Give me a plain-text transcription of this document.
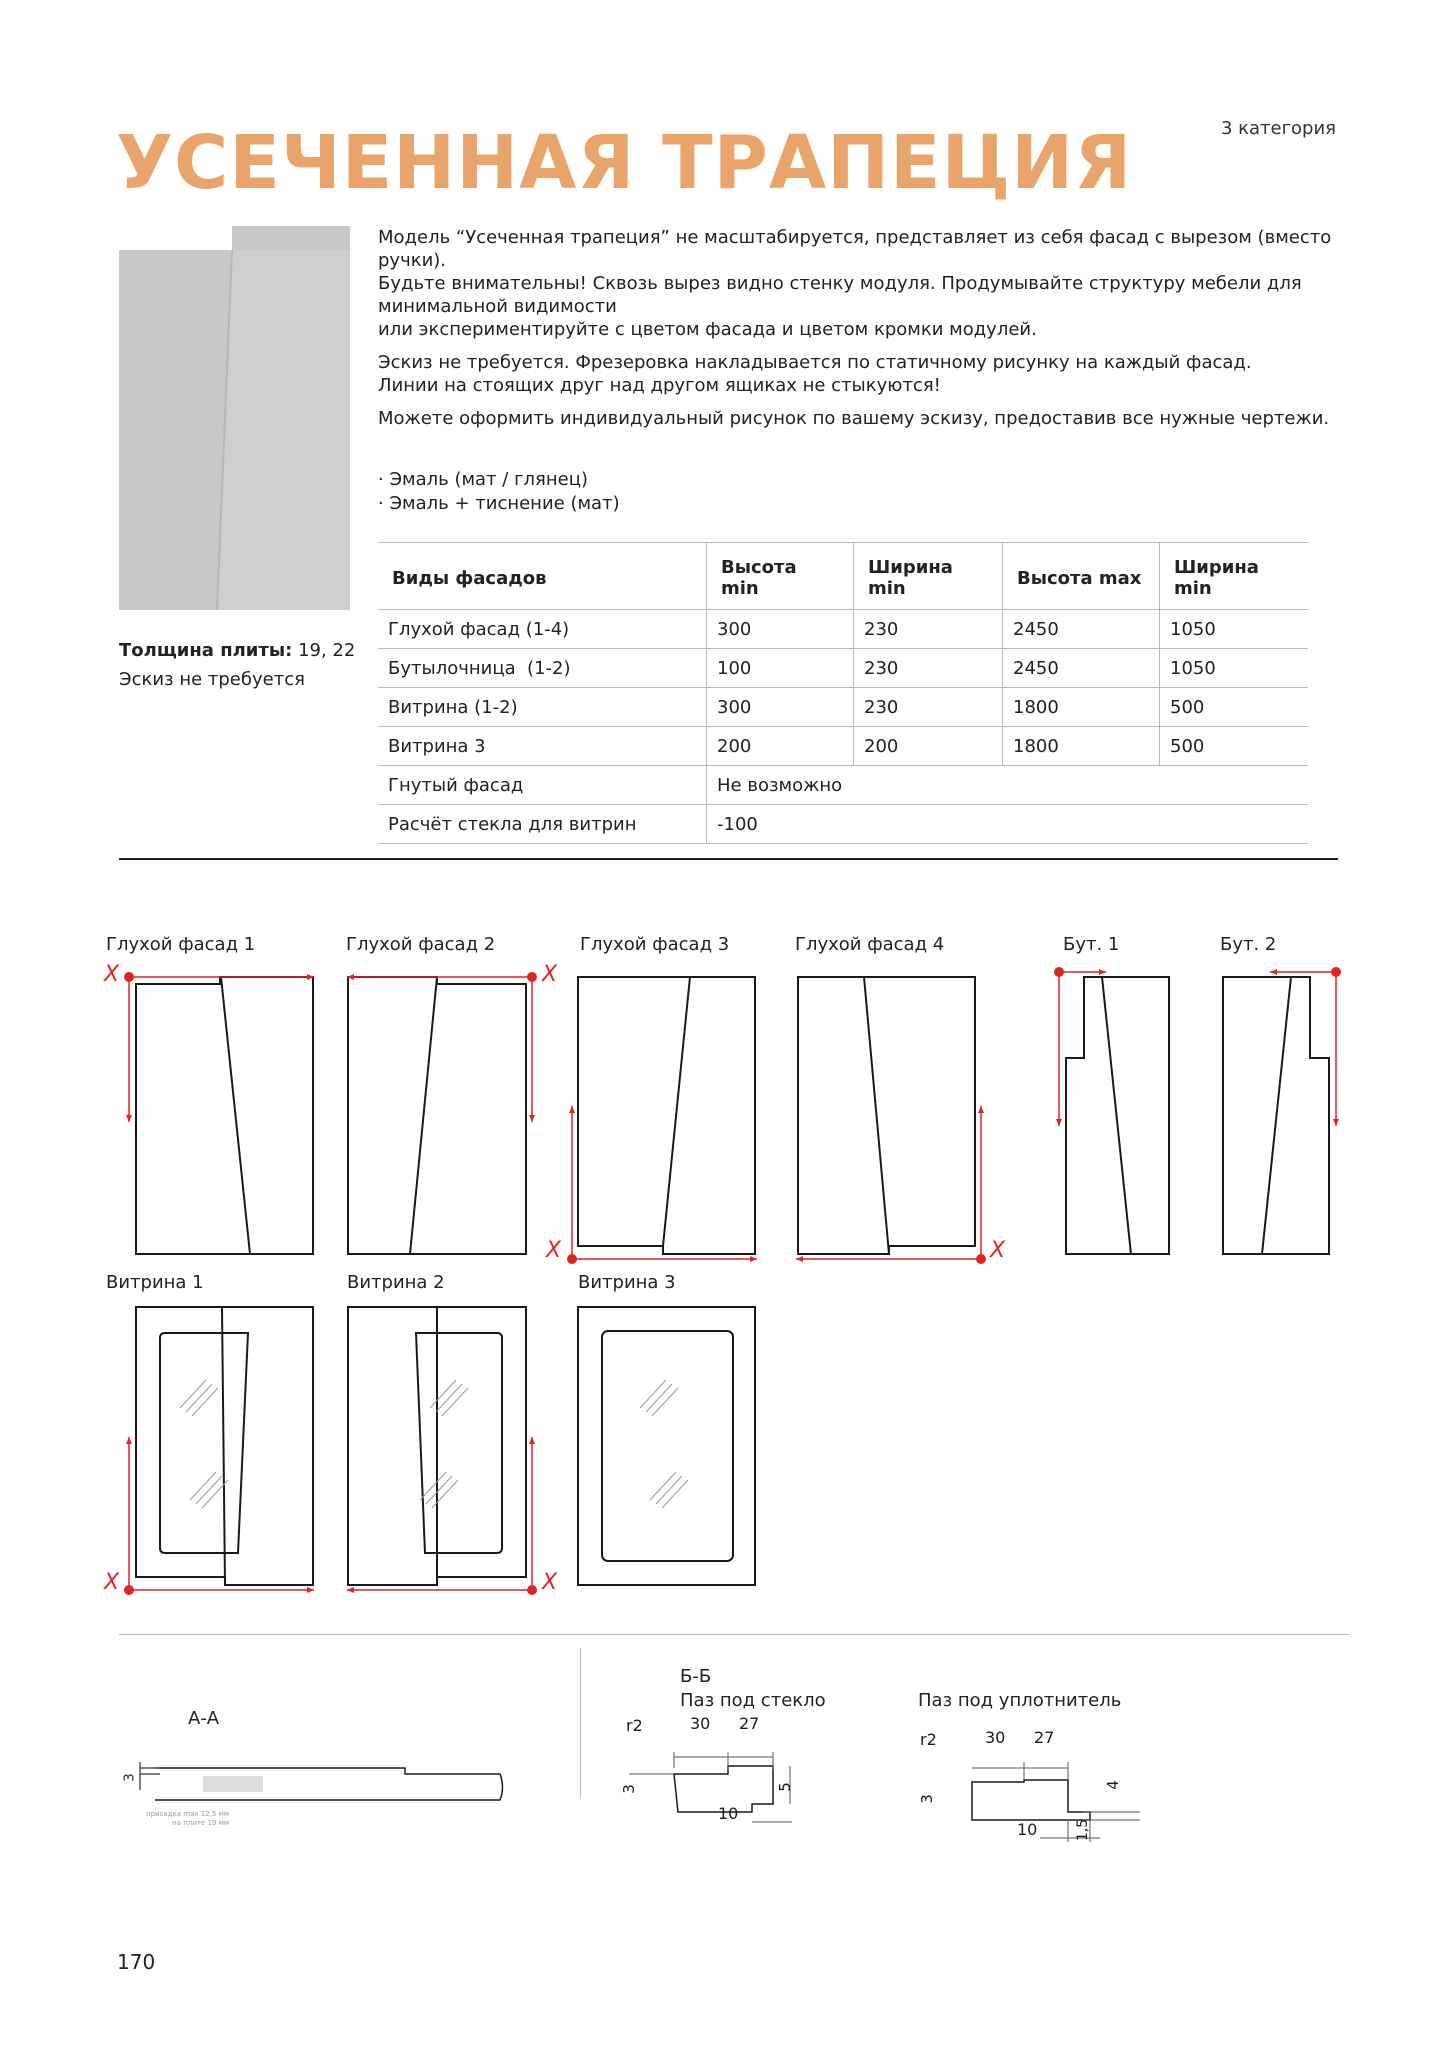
3 категория
УСЕЧЕННАЯ ТРАПЕЦИЯ
Толщина плиты: 19, 22
Эскиз не требуется

Модель “Усеченная трапеция” не масштабируется, представляет из себя фасад с вырезом (вместо
ручки).
Будьте внимательны! Сквозь вырез видно стенку модуля. Продумывайте структуру мебели для
минимальной видимости
или экспериментируйте с цветом фасада и цветом кромки модулей.

Эскиз не требуется. Фрезеровка накладывается по статичному рисунку на каждый фасад.
Линии на стоящих друг над другом ящиках не стыкуются!

Можете оформить индивидуальный рисунок по вашему эскизу, предоставив все нужные чертежи.

· Эмаль (мат / глянец)
· Эмаль + тиснение (мат)
Виды фасадов	Высота min	Ширина min	Высота max	Ширина min
Глухой фасад (1-4)	300	230	2450	1050
Бутылочница  (1-2)	100	230	2450	1050
Витрина (1-2)	300	230	1800	500
Витрина 3	200	200	1800	500
Гнутый фасад	Не возможно			
Расчёт стекла для витрин	-100			
Глухой фасад 1	Глухой фасад 2	Глухой фасад 3	Глухой фасад 4	Бут. 1	Бут. 2
Витрина 1	Витрина 2	Витрина 3
X	X
X	X
X	X
А-А
3
присадка max 12,5 мм
на плите 19 мм
Б-Б
Паз под стекло	Паз под уплотнитель
r2	30 27
3	5
10
r2	30 27
3
4
10	1,5
170
